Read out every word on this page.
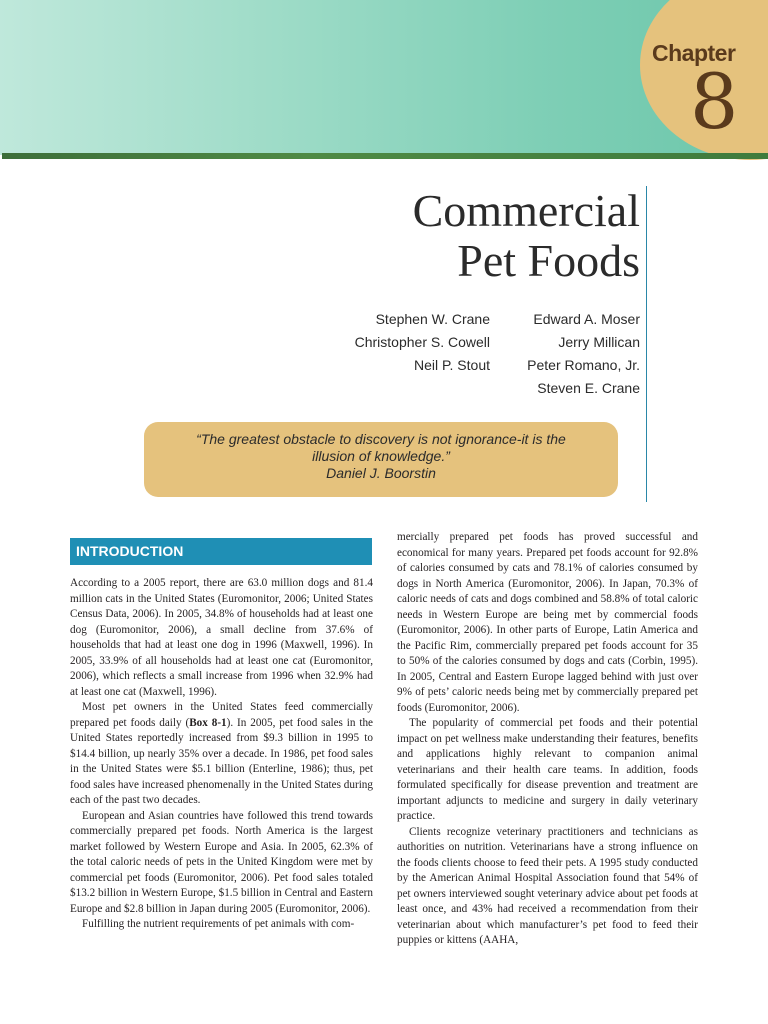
Chapter
8
Commercial
Pet Foods
Stephen W. Crane
Christopher S. Cowell
Neil P. Stout
Edward A. Moser
Jerry Millican
Peter Romano, Jr.
Steven E. Crane
“The greatest obstacle to discovery is not ignorance-it is the
illusion of knowledge.”
Daniel J. Boorstin
INTRODUCTION

According to a 2005 report, there are 63.0 million dogs and 81.4 million cats in the United States (Euromonitor, 2006; United States Census Data, 2006). In 2005, 34.8% of households had at least one dog (Euromonitor, 2006), a small decline from 37.6% of households that had at least one dog in 1996 (Maxwell, 1996). In 2005, 33.9% of all households had at least one cat (Euromonitor, 2006), which reflects a small increase from 1996 when 32.9% had at least one cat (Maxwell, 1996).

Most pet owners in the United States feed commercially prepared pet foods daily (Box 8-1). In 2005, pet food sales in the United States reportedly increased from $9.3 billion in 1995 to $14.4 billion, up nearly 35% over a decade. In 1986, pet food sales in the United States were $5.1 billion (Enterline, 1986); thus, pet food sales have increased phenomenally in the United States during each of the past two decades.

European and Asian countries have followed this trend towards commercially prepared pet foods. North America is the largest market followed by Western Europe and Asia. In 2005, 62.3% of the total caloric needs of pets in the United Kingdom were met by commercial pet foods (Euromonitor, 2006). Pet food sales totaled $13.2 billion in Western Europe, $1.5 billion in Central and Eastern Europe and $2.8 billion in Japan during 2005 (Euromonitor, 2006).

Fulfilling the nutrient requirements of pet animals with com-

mercially prepared pet foods has proved successful and economical for many years. Prepared pet foods account for 92.8% of calories consumed by cats and 78.1% of calories consumed by dogs in North America (Euromonitor, 2006). In Japan, 70.3% of caloric needs of cats and dogs combined and 58.8% of total caloric needs in Western Europe are being met by commercial foods (Euromonitor, 2006). In other parts of Europe, Latin America and the Pacific Rim, commercially prepared pet foods account for 35 to 50% of the calories consumed by dogs and cats (Corbin, 1995). In 2005, Central and Eastern Europe lagged behind with just over 9% of pets’ caloric needs being met by commercially prepared pet foods (Euromonitor, 2006).

The popularity of commercial pet foods and their potential impact on pet wellness make understanding their features, benefits and applications highly relevant to companion animal veterinarians and their health care teams. In addition, foods formulated specifically for disease prevention and treatment are important adjuncts to medicine and surgery in daily veterinary practice.

Clients recognize veterinary practitioners and technicians as authorities on nutrition. Veterinarians have a strong influence on the foods clients choose to feed their pets. A 1995 study conducted by the American Animal Hospital Association found that 54% of pet owners interviewed sought veterinary advice about pet foods at least once, and 43% had received a recommendation from their veterinarian about which manufacturer’s pet food to feed their puppies or kittens (AAHA,
